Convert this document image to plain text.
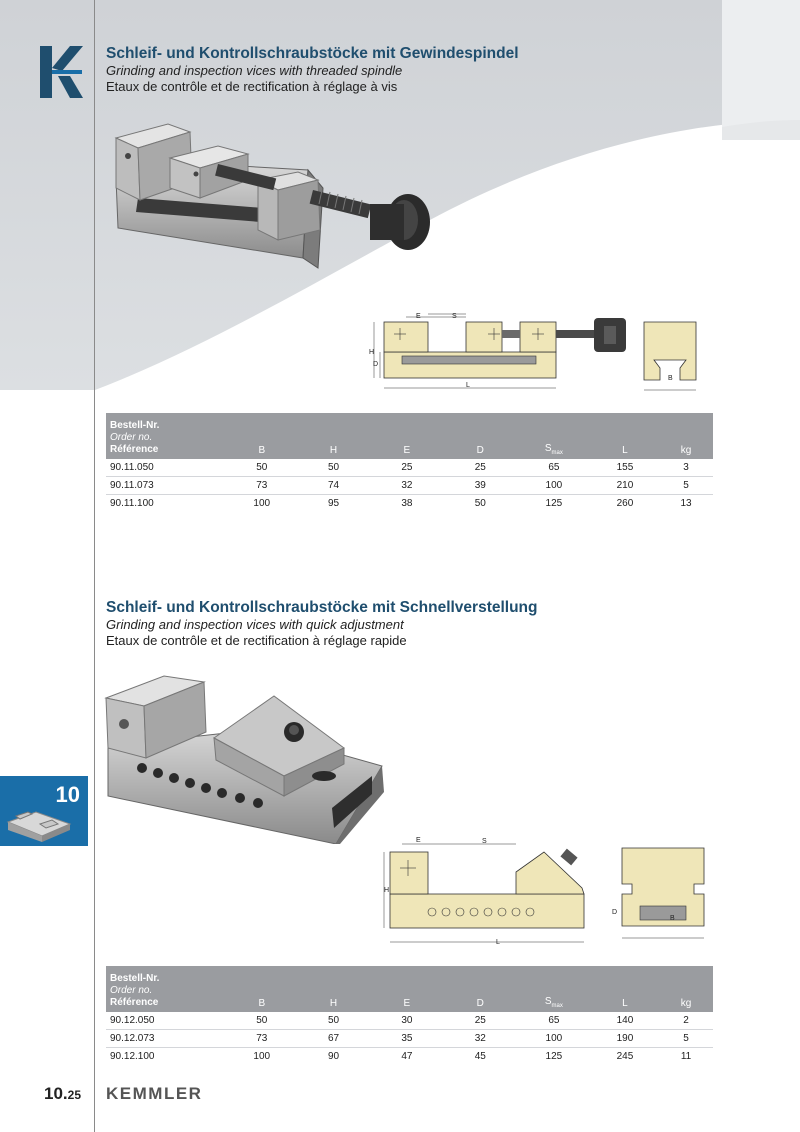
Schleif- und Kontrollschraubstöcke mit Gewindespindel
Grinding and inspection vices with threaded spindle
Etaux de contrôle et de rectification à réglage à vis
L
E	S
H
D
B
Bestell-Nr.
Order no.
Référence	B	H	E	D	$S_{max}$	L	kg
90.11.050	50	50	25	25	65	155	3
90.11.073	73	74	32	39	100	210	5
90.11.100	100	95	38	50	125	260	13
Schleif- und Kontrollschraubstöcke mit Schnellverstellung
Grinding and inspection vices with quick adjustment
Etaux de contrôle et de rectification à réglage rapide
L
E	S
H
B
D
Bestell-Nr.
Order no.
Référence	B	H	E	D	$S_{max}$	L	kg
90.12.050	50	50	30	25	65	140	2
90.12.073	73	67	35	32	100	190	5
90.12.100	100	90	47	45	125	245	11
10
10.25 KEMMLER
